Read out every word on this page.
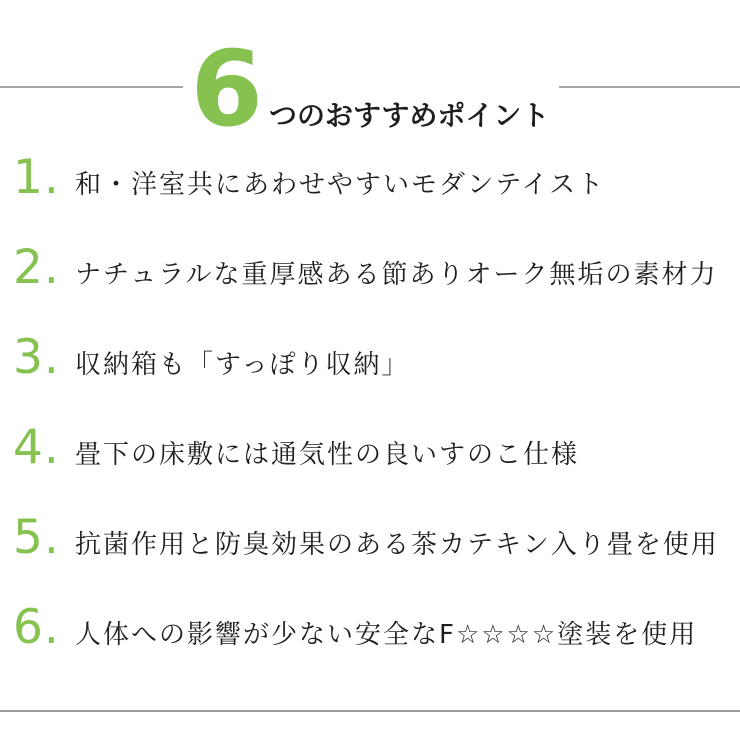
6 つのおすすめポイント
1. 和・洋室共にあわせやすいモダンテイスト
2. ナチュラルな重厚感ある節ありオーク無垢の素材力
3. 収納箱も「すっぽり収納」
4. 畳下の床敷には通気性の良いすのこ仕様
5. 抗菌作用と防臭効果のある茶カテキン入り畳を使用
6. 人体への影響が少ない安全なF☆☆☆☆塗装を使用
